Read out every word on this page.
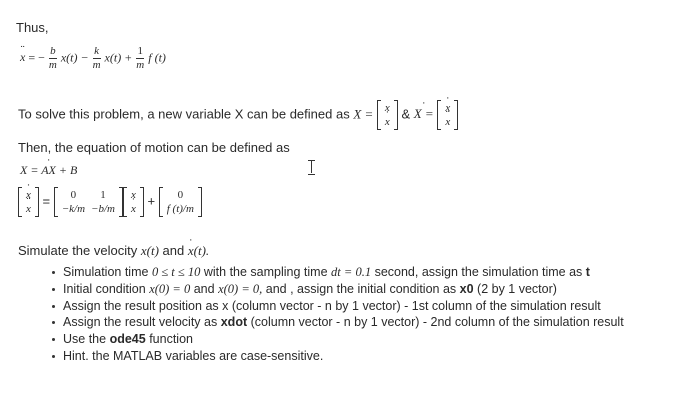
Thus,
¨ x = − $\frac{b}{m} x(t) - \frac{k}{m} x(t) + \frac{1}{m}$ f (t)
To solve this problem, a new variable X can be defined as X = x
˙ x
& ˙ X = ˙ x
¨ x
Then, the equation of motion can be defined as
˙ X = AX + B
˙ x
¨ x
= 0	1
−k/m	−b/m
x
˙ x
+ 0
f (t)/m
Simulate the velocity x(t) and ˙ x(t).
Simulation time 0 ≤ t ≤ 10 with the sampling time dt = 0.1 second, assign the simulation time as t
Initial condition x(0) = 0 and x(0) = 0, and , assign the initial condition as x0 (2 by 1 vector)
Assign the result position as x (column vector - n by 1 vector) - 1st column of the simulation result
Assign the result velocity as xdot (column vector - n by 1 vector) - 2nd column of the simulation result
Use the ode45 function
Hint. the MATLAB variables are case-sensitive.
